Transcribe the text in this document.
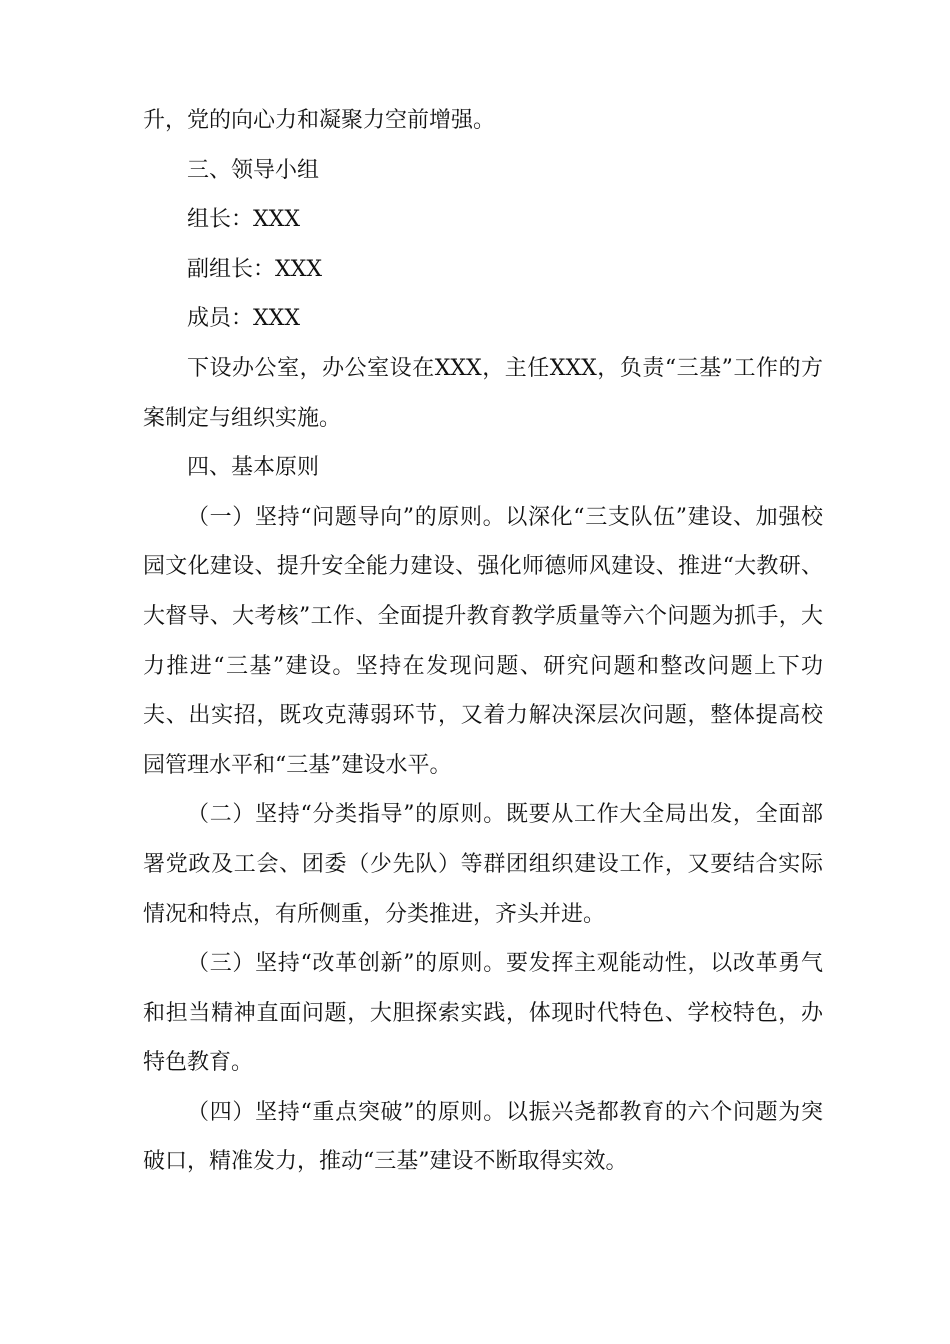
升，党的向心力和凝聚力空前增强。

三、领导小组

组长：XXX

副组长：XXX

成员：XXX

下设办公室，办公室设在XXX，主任XXX，负责“三基”工作的方案制定与组织实施。

四、基本原则

（一）坚持“问题导向”的原则。以深化“三支队伍”建设、加强校园文化建设、提升安全能力建设、强化师德师风建设、推进“大教研、大督导、大考核”工作、全面提升教育教学质量等六个问题为抓手，大力推进“三基”建设。坚持在发现问题、研究问题和整改问题上下功夫、出实招，既攻克薄弱环节，又着力解决深层次问题，整体提高校园管理水平和“三基”建设水平。

（二）坚持“分类指导”的原则。既要从工作大全局出发，全面部署党政及工会、团委（少先队）等群团组织建设工作，又要结合实际情况和特点，有所侧重，分类推进，齐头并进。

（三）坚持“改革创新”的原则。要发挥主观能动性，以改革勇气和担当精神直面问题，大胆探索实践，体现时代特色、学校特色，办特色教育。

（四）坚持“重点突破”的原则。以振兴尧都教育的六个问题为突破口，精准发力，推动“三基”建设不断取得实效。
